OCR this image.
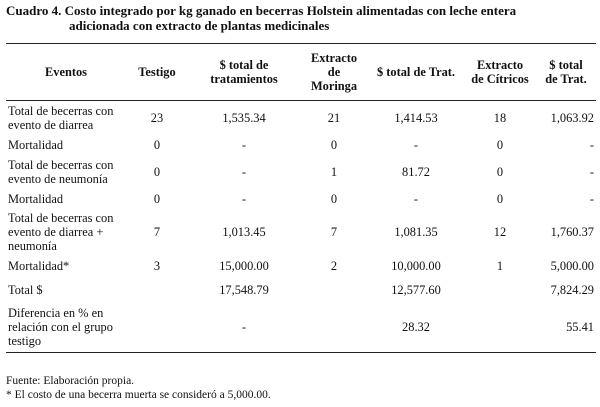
Cuadro 4. Costo integrado por kg ganado en becerras Holstein alimentadas con leche entera
adicionada con extracto de plantas medicinales
Eventos	Testigo	$ total de tratamientos	Extracto de Moringa	$ total de Trat.	Extracto de Cítricos	$ total de Trat.
Total de becerras con evento de diarrea	23	1,535.34	21	1,414.53	18	1,063.92
Mortalidad	0	-	0	-	0	-
Total de becerras con evento de neumonía	0	-	1	81.72	0	-
Mortalidad	0	-	0	-	0	-
Total de becerras con evento de diarrea + neumonía	7	1,013.45	7	1,081.35	12	1,760.37
Mortalidad*	3	15,000.00	2	10,000.00	1	5,000.00
Total $		17,548.79		12,577.60		7,824.29
Diferencia en % en relación con el grupo testigo		-		28.32		55.41
Fuente: Elaboración propia.
* El costo de una becerra muerta se consideró a 5,000.00.
